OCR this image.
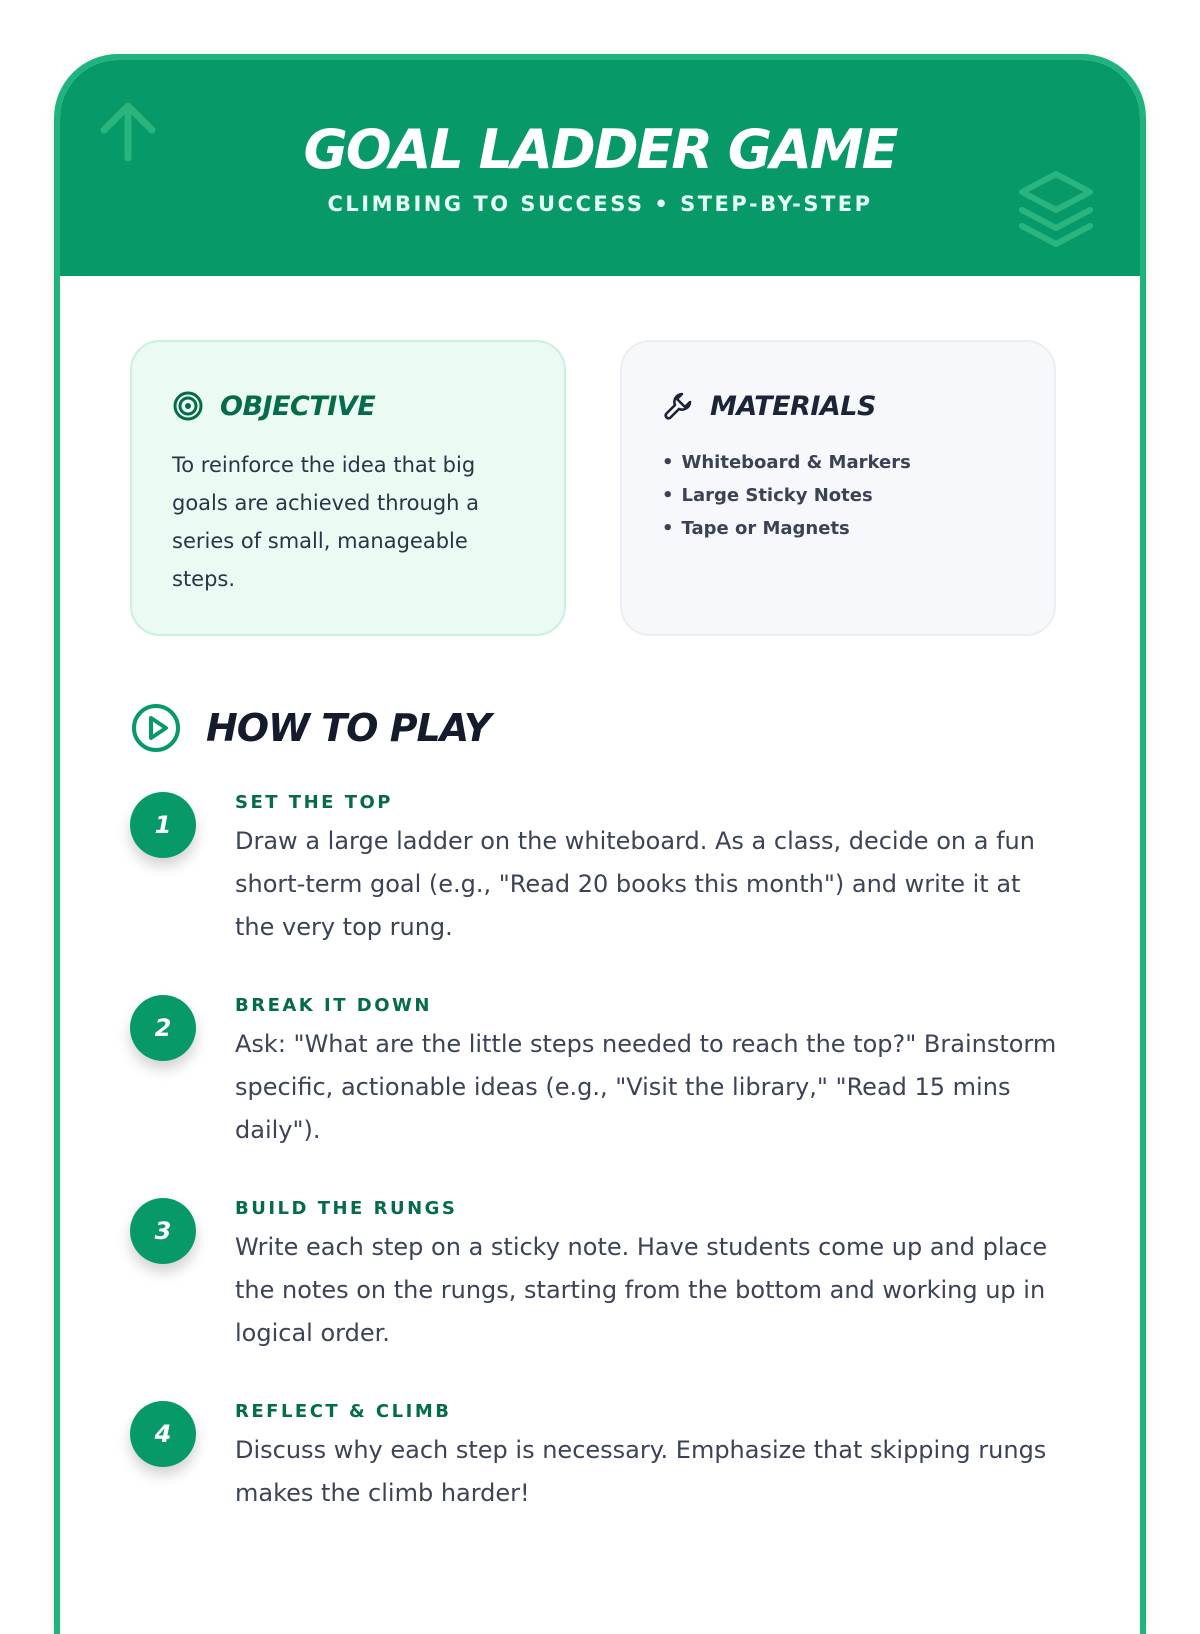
GOAL LADDER GAME
CLIMBING TO SUCCESS • STEP-BY-STEP
OBJECTIVE
To reinforce the idea that big goals are achieved through a series of small, manageable steps.
MATERIALS
• Whiteboard & Markers
• Large Sticky Notes
• Tape or Magnets
HOW TO PLAY
1
SET THE TOP
Draw a large ladder on the whiteboard. As a class, decide on a fun short-term goal (e.g., "Read 20 books this month") and write it at the very top rung.
2
BREAK IT DOWN
Ask: "What are the little steps needed to reach the top?" Brainstorm specific, actionable ideas (e.g., "Visit the library," "Read 15 mins daily").
3
BUILD THE RUNGS
Write each step on a sticky note. Have students come up and place the notes on the rungs, starting from the bottom and working up in logical order.
4
REFLECT & CLIMB
Discuss why each step is necessary. Emphasize that skipping rungs makes the climb harder!
